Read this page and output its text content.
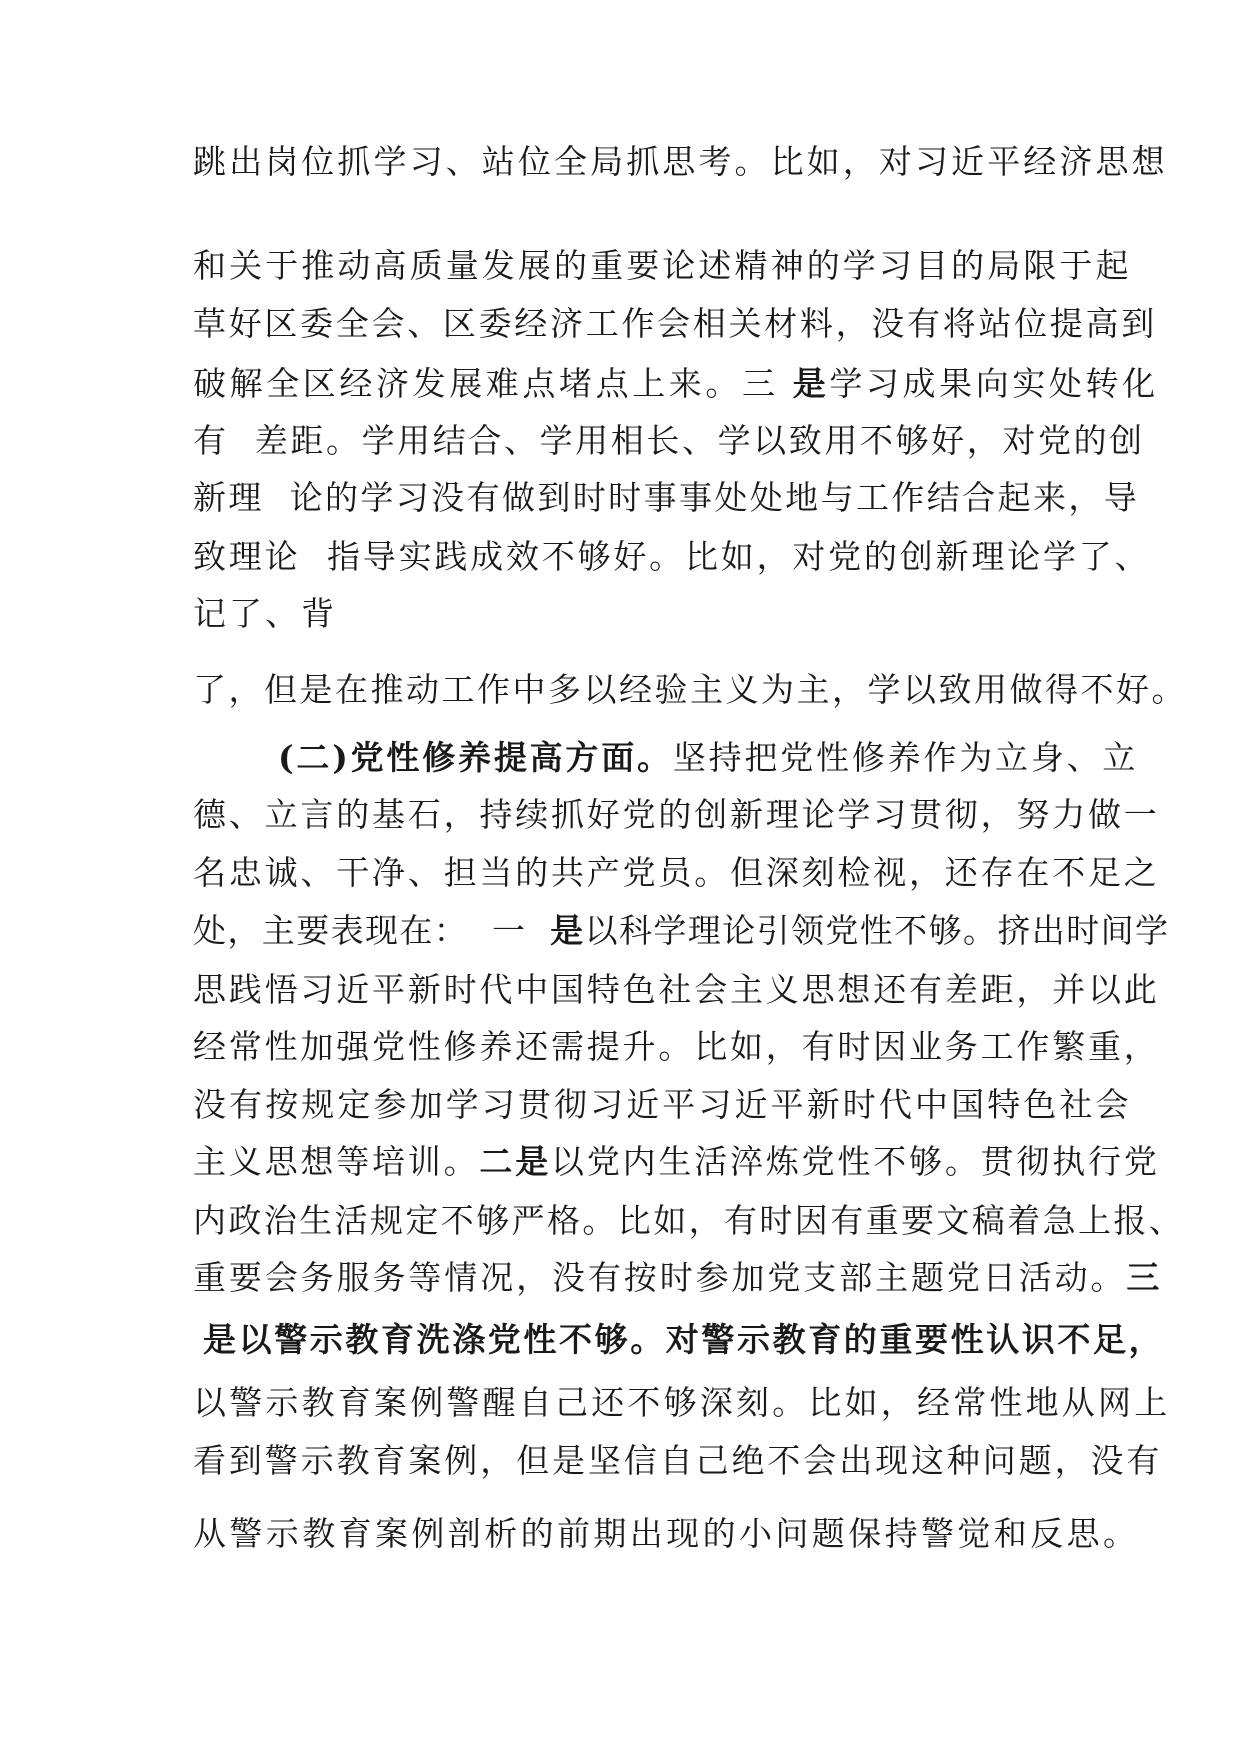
跳出岗位抓学习、站位全局抓思考。比如，对习近平经济思想
和关于推动高质量发展的重要论述精神的学习目的局限于起
草好区委全会、区委经济工作会相关材料，没有将站位提高到
破解全区经济发展难点堵点上来。三 是学习成果向实处转化
有  差距。学用结合、学用相长、学以致用不够好，对党的创
新理  论的学习没有做到时时事事处处地与工作结合起来，导
致理论  指导实践成效不够好。比如，对党的创新理论学了、
记了、背
了，但是在推动工作中多以经验主义为主，学以致用做得不好。
(二)党性修养提高方面。坚持把党性修养作为立身、立
德、立言的基石，持续抓好党的创新理论学习贯彻，努力做一
名忠诚、干净、担当的共产党员。但深刻检视，还存在不足之
处，主要表现在：  一  是以科学理论引领党性不够。挤出时间学
思践悟习近平新时代中国特色社会主义思想还有差距，并以此
经常性加强党性修养还需提升。比如，有时因业务工作繁重，
没有按规定参加学习贯彻习近平习近平新时代中国特色社会
主义思想等培训。二是以党内生活淬炼党性不够。贯彻执行党
内政治生活规定不够严格。比如，有时因有重要文稿着急上报、
重要会务服务等情况，没有按时参加党支部主题党日活动。三
是以警示教育洗涤党性不够。对警示教育的重要性认识不足，
以警示教育案例警醒自己还不够深刻。比如，经常性地从网上
看到警示教育案例，但是坚信自己绝不会出现这种问题，没有
从警示教育案例剖析的前期出现的小问题保持警觉和反思。
